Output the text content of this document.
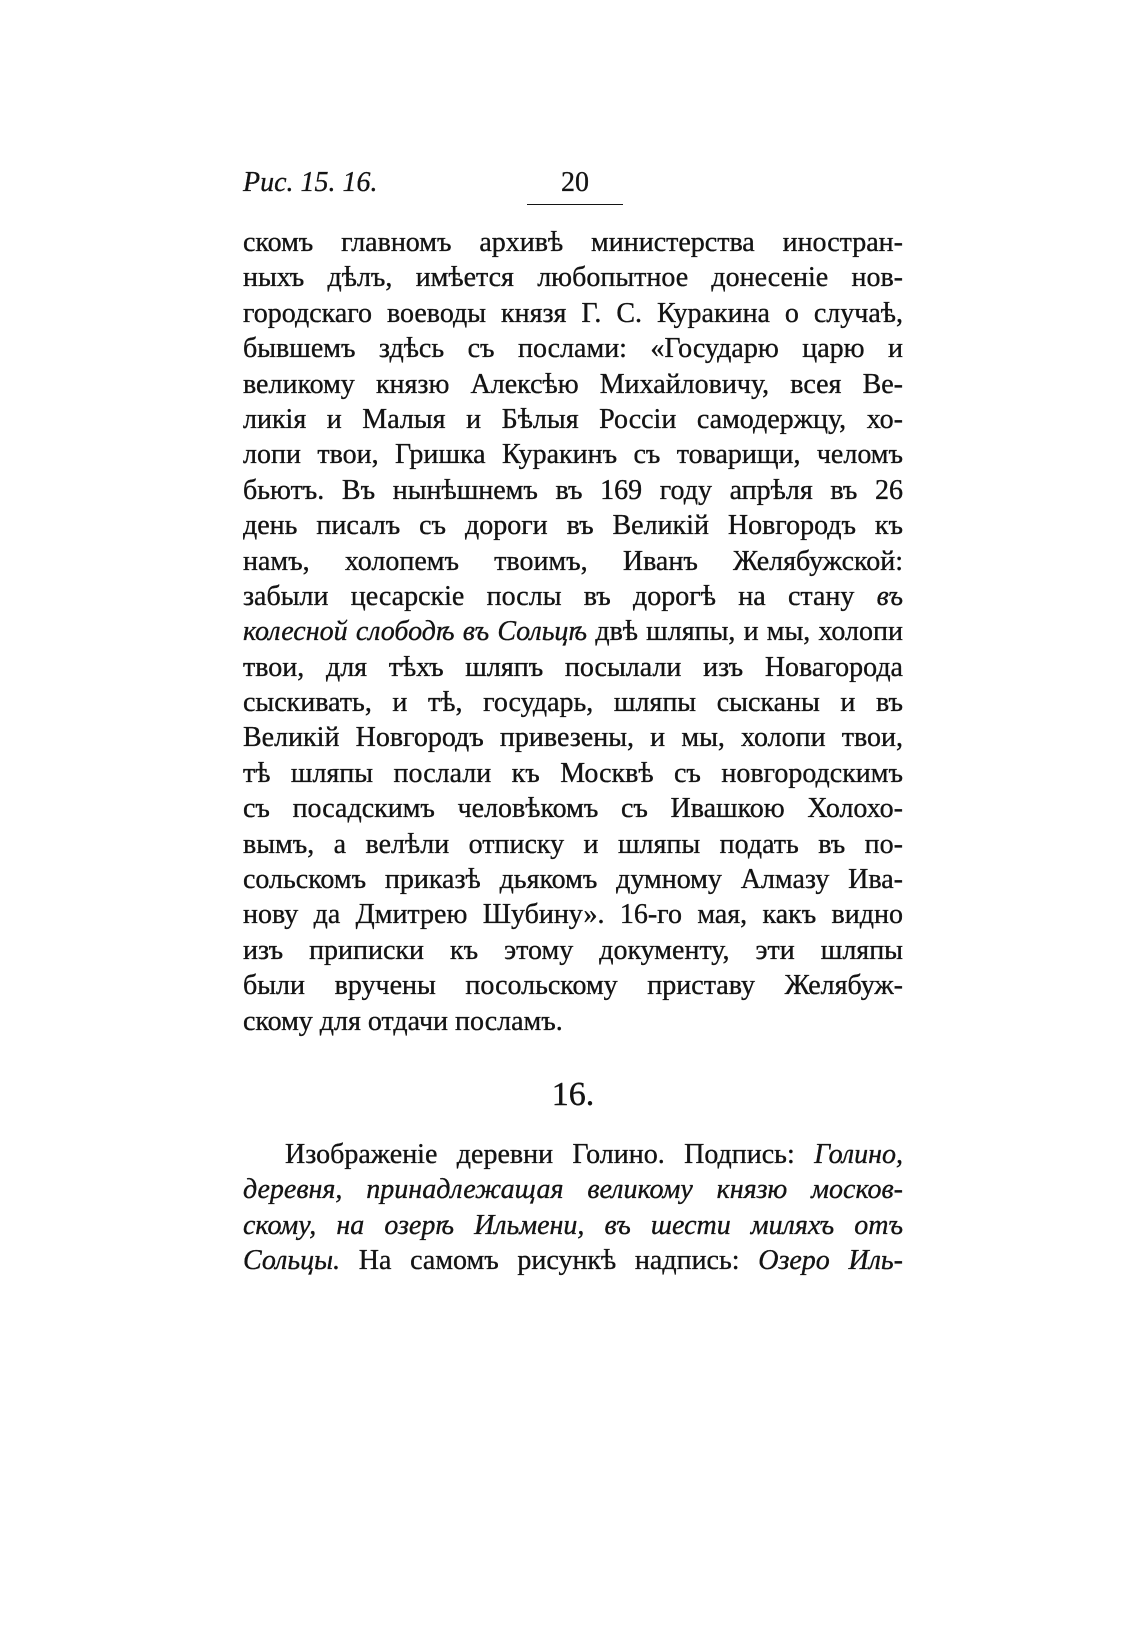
Рис. 15. 16.	20
скомъ главномъ архивѣ министерства иностран-
ныхъ дѣлъ, имѣется любопытное донесеніе нов-
городскаго воеводы князя Г. С. Куракина о случаѣ,
бывшемъ здѣсь съ послами: «Государю царю и
великому князю Алексѣю Михайловичу, всея Ве-
ликія и Малыя и Бѣлыя Россіи самодержцу, хо-
лопи твои, Гришка Куракинъ съ товарищи, челомъ
бьютъ. Въ нынѣшнемъ въ 169 году апрѣля въ 26
день писалъ съ дороги въ Великій Новгородъ къ
намъ, холопемъ твоимъ, Иванъ Желябужской:
забыли цесарскіе послы въ дорогѣ на стану въ
колесной слободѣ въ Сольцѣ двѣ шляпы, и мы, холопи
твои, для тѣхъ шляпъ посылали изъ Новагорода
сыскивать, и тѣ, государь, шляпы сысканы и въ
Великій Новгородъ привезены, и мы, холопи твои,
тѣ шляпы послали къ Москвѣ съ новгородскимъ
съ посадскимъ человѣкомъ съ Ивашкою Холохо-
вымъ, а велѣли отписку и шляпы подать въ по-
сольскомъ приказѣ дьякомъ думному Алмазу Ива-
нову да Дмитрею Шубину». 16-го мая, какъ видно
изъ приписки къ этому документу, эти шляпы
были вручены посольскому приставу Желябуж-
скому для отдачи посламъ.
16.
Изображеніе деревни Голино. Подпись: Голино,
деревня, принадлежащая великому князю москов-
скому, на озерѣ Ильмени, въ шести миляхъ отъ
Сольцы. На самомъ рисункѣ надпись: Озеро Иль-
